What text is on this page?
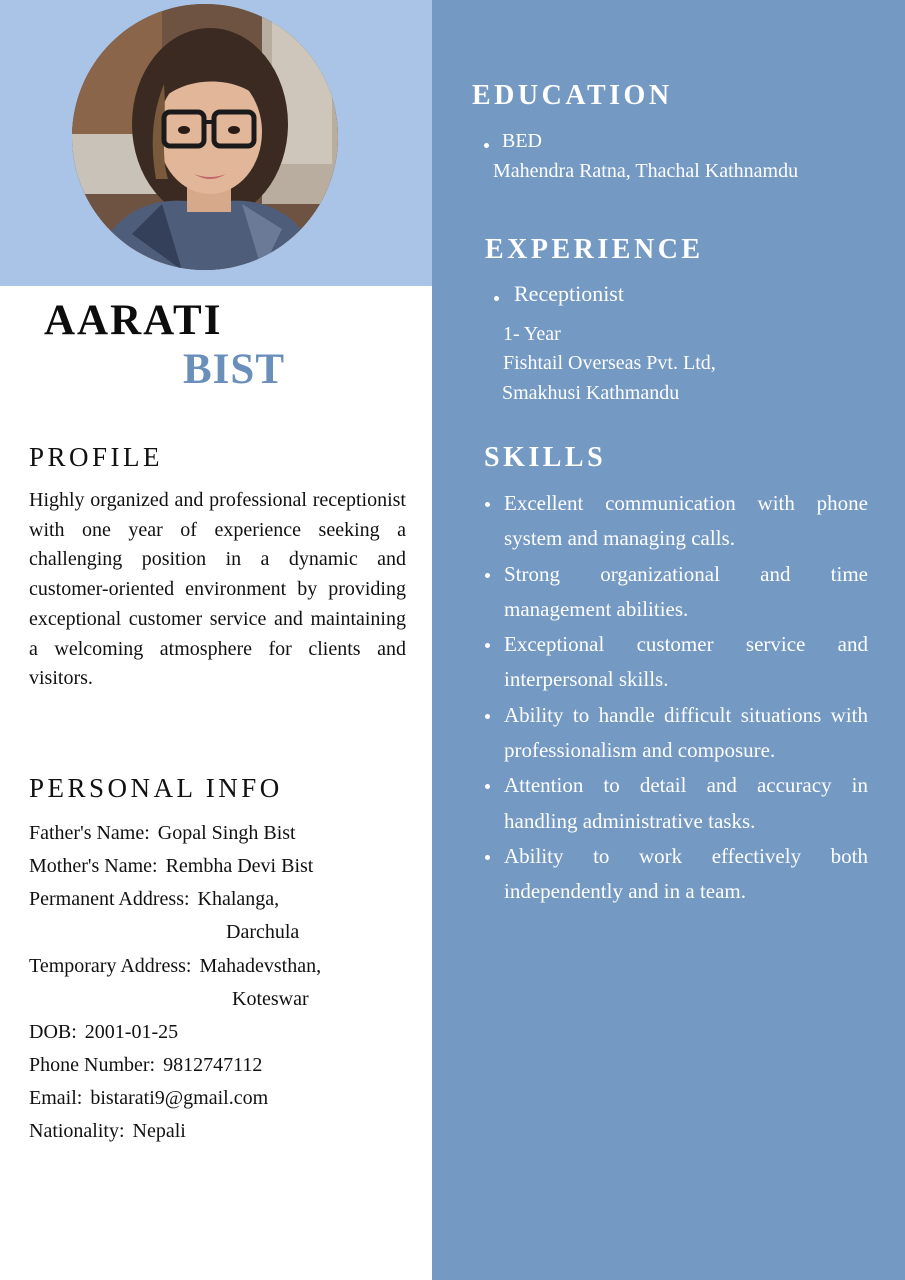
AARATI
BIST
PROFILE
Highly organized and professional receptionist with one year of experience seeking a challenging position in a dynamic and customer-oriented environment by providing exceptional customer service and maintaining a welcoming atmosphere for clients and visitors.
PERSONAL INFO
Father's Name: Gopal Singh Bist
Mother's Name: Rembha Devi Bist
Permanent Address: Khalanga,
Darchula
Temporary Address: Mahadevsthan,
Koteswar
DOB: 2001-01-25
Phone Number: 9812747112
Email: bistarati9@gmail.com
Nationality: Nepali
EDUCATION
BED
Mahendra Ratna, Thachal Kathnamdu
EXPERIENCE
Receptionist
1- Year
Fishtail Overseas Pvt. Ltd,
Smakhusi Kathmandu
SKILLS
Excellent communication with phone system and managing calls.
Strong organizational and time management abilities.
Exceptional customer service and interpersonal skills.
Ability to handle difficult situations with professionalism and composure.
Attention to detail and accuracy in handling administrative tasks.
Ability to work effectively both independently and in a team.
